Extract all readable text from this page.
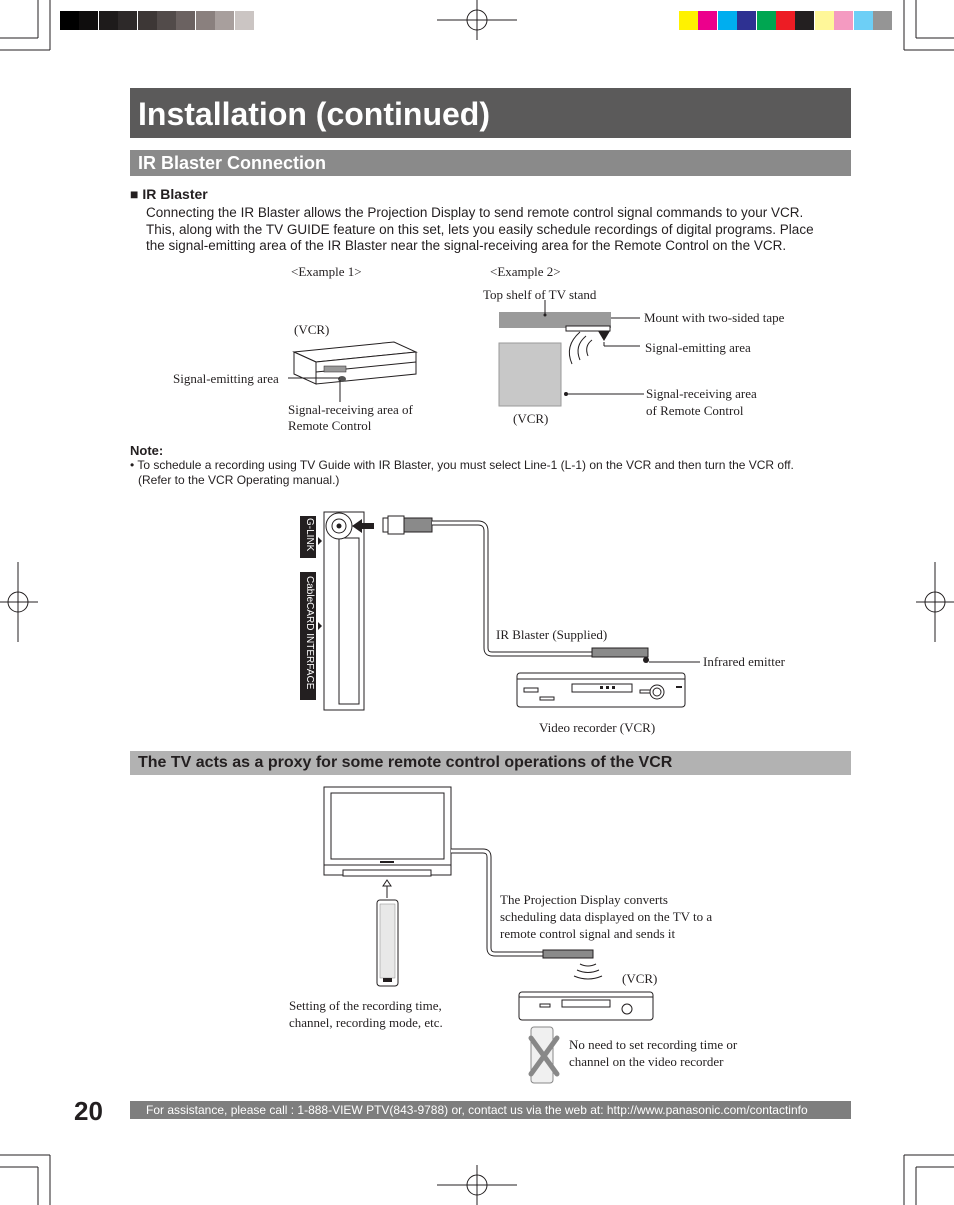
Installation (continued)
IR Blaster Connection
■ IR Blaster
Connecting the IR Blaster allows the Projection Display to send remote control signal commands to your VCR.
This, along with the TV GUIDE feature on this set, lets you easily schedule recordings of digital programs. Place
the signal-emitting area of the IR Blaster near the signal-receiving area for the Remote Control on the VCR.
<Example 1>
(VCR)
Signal-emitting area
Signal-receiving area of
Remote Control
<Example 2>
Top shelf of TV stand
Mount with two-sided tape
Signal-emitting area
Signal-receiving area
of Remote Control
(VCR)
Note:
• To schedule a recording using TV Guide with IR Blaster, you must select Line-1 (L-1) on the VCR and then turn the VCR off.
(Refer to the VCR Operating manual.)
G-LINK
CableCARD INTERFACE	IR Blaster (Supplied)
Infrared emitter
Video recorder (VCR)
The TV acts as a proxy for some remote control operations of the VCR
The Projection Display converts
scheduling data displayed on the TV to a
remote control signal and sends it
(VCR)
Setting of the recording time,
channel, recording mode, etc.
No need to set recording time or
channel on the video recorder
20	For assistance, please call : 1-888-VIEW PTV(843-9788) or, contact us via the web at: http://www.panasonic.com/contactinfo
